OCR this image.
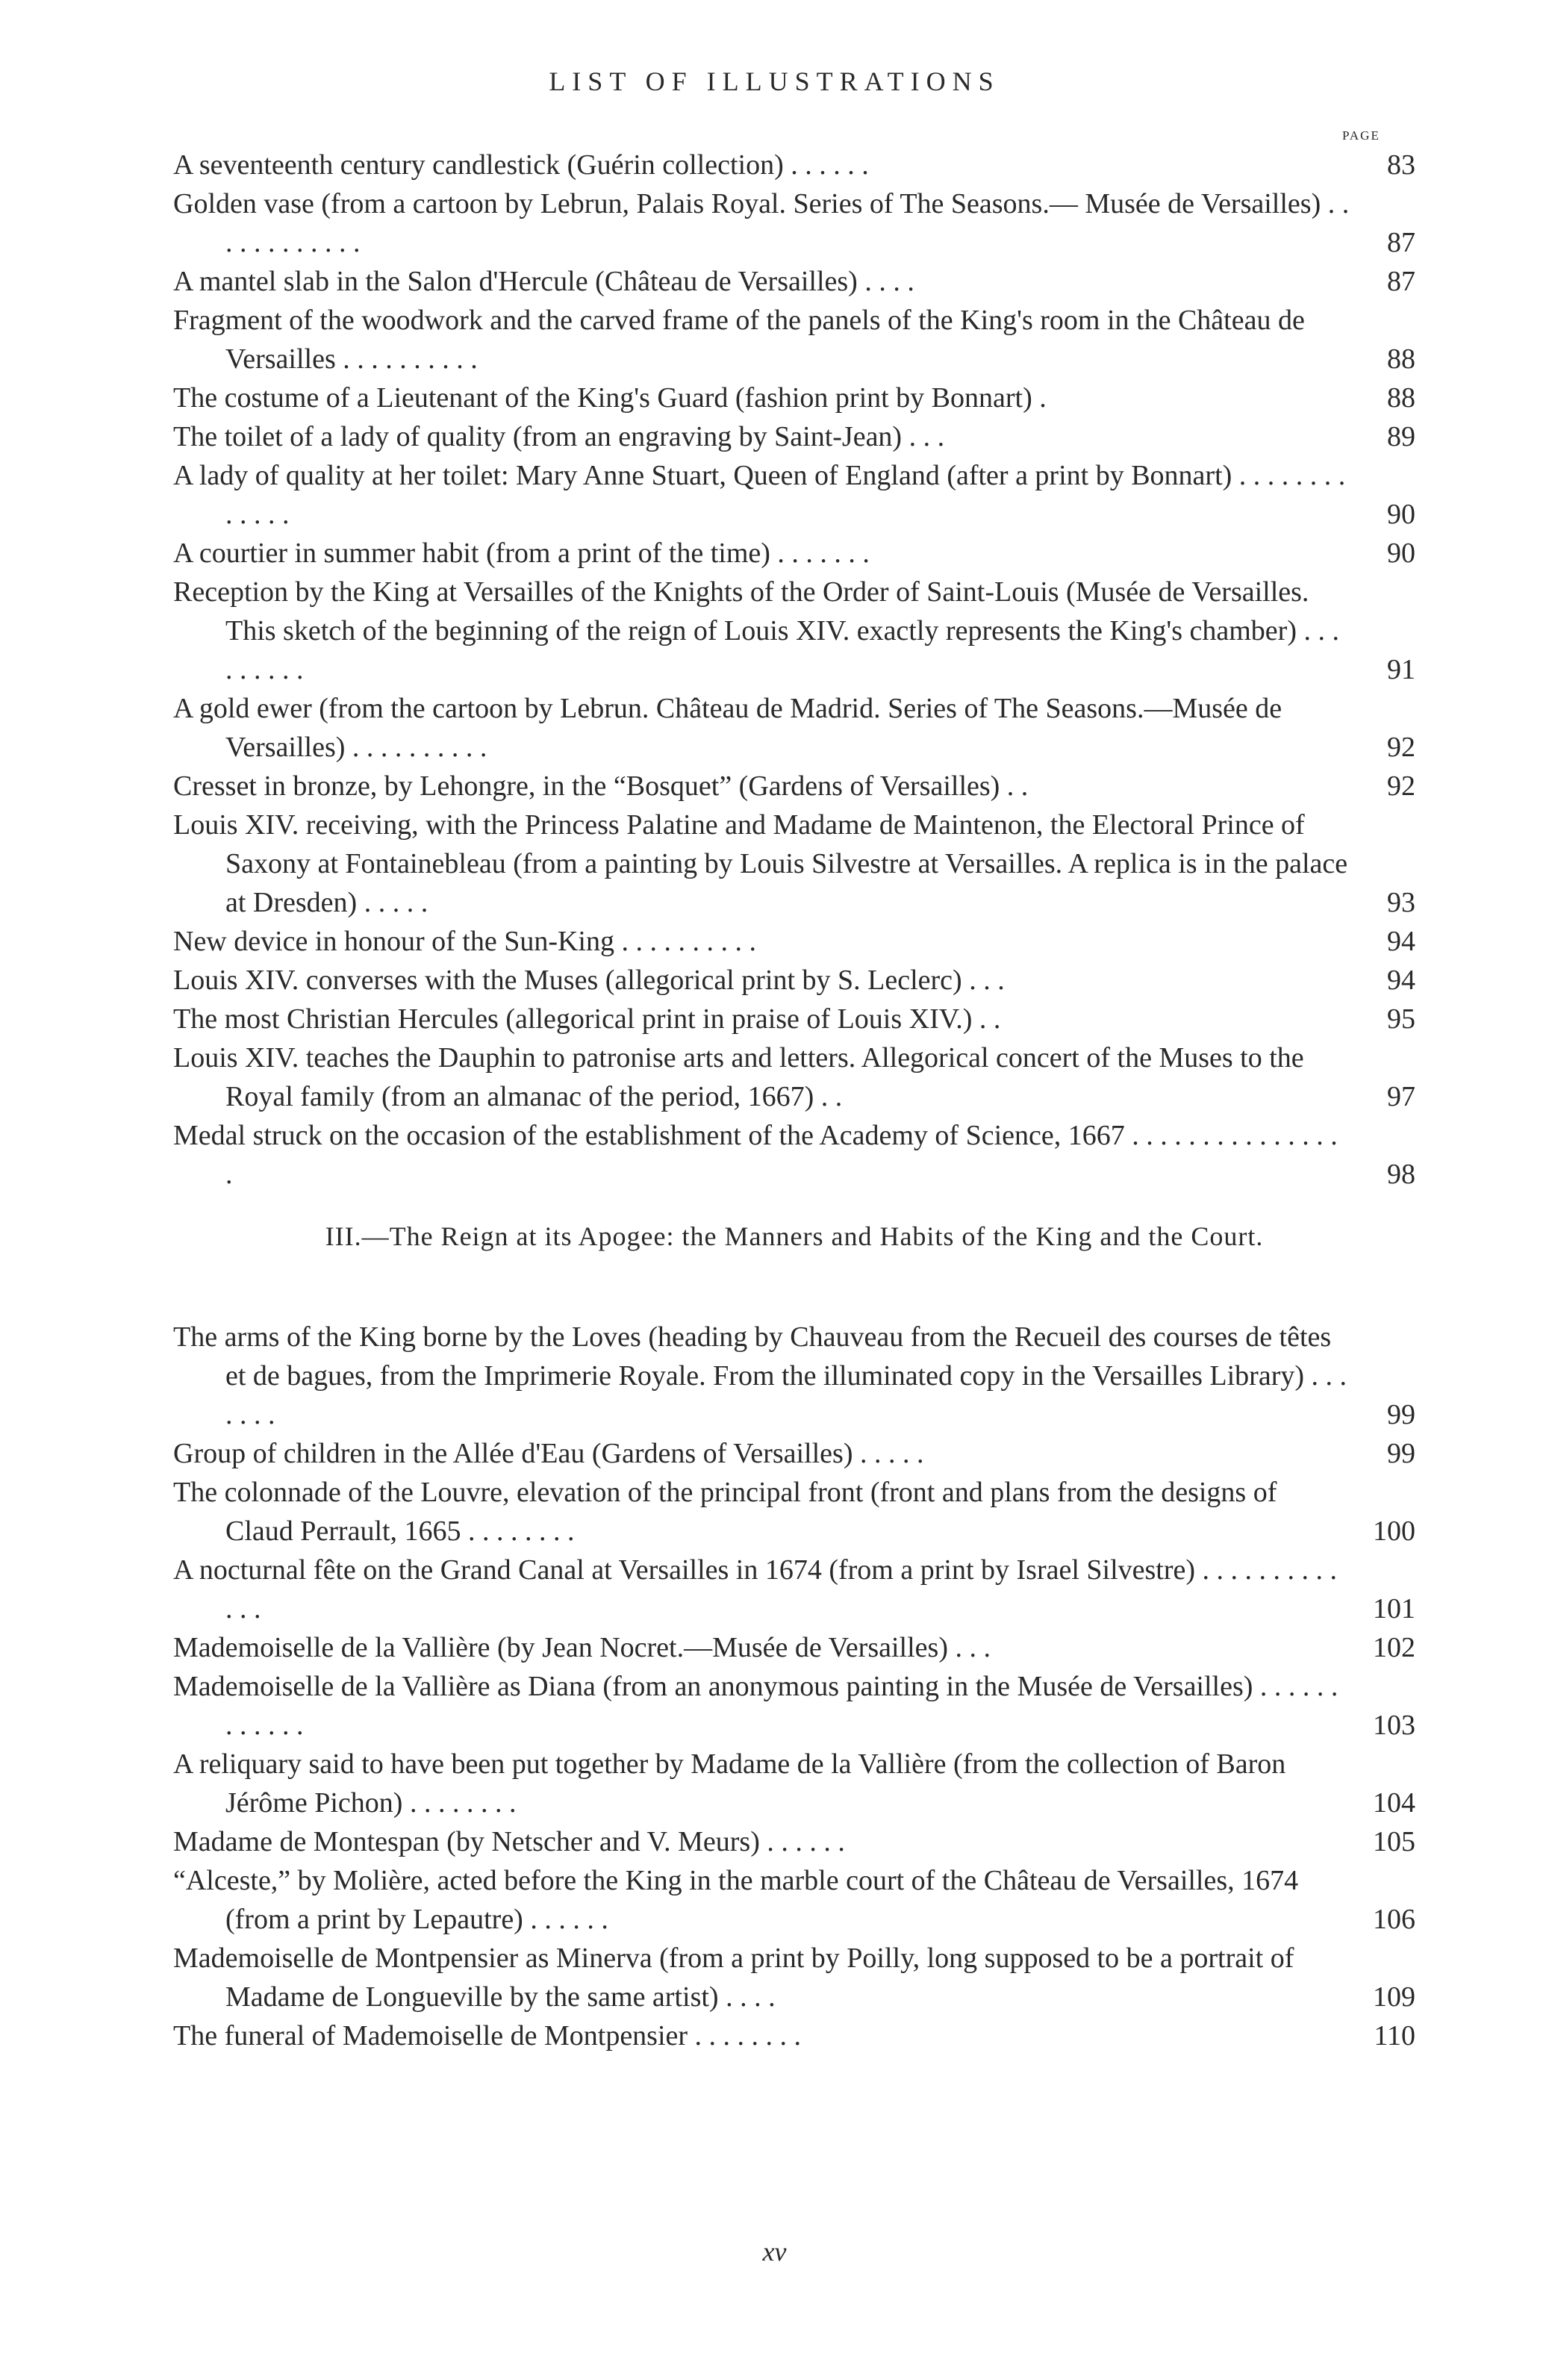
LIST OF ILLUSTRATIONS
PAGE
A seventeenth century candlestick (Guérin collection) . . . . . .	83
Golden vase (from a cartoon by Lebrun, Palais Royal. Series of The Seasons.— Musée de Versailles) . . . . . . . . . . . .	87
A mantel slab in the Salon d'Hercule (Château de Versailles) . . . .	87
Fragment of the woodwork and the carved frame of the panels of the King's room in the Château de Versailles . . . . . . . . . .	88
The costume of a Lieutenant of the King's Guard (fashion print by Bonnart) .	88
The toilet of a lady of quality (from an engraving by Saint-Jean) . . .	89
A lady of quality at her toilet: Mary Anne Stuart, Queen of England (after a print by Bonnart) . . . . . . . . . . . . .	90
A courtier in summer habit (from a print of the time) . . . . . . .	90
Reception by the King at Versailles of the Knights of the Order of Saint-Louis (Musée de Versailles. This sketch of the beginning of the reign of Louis XIV. exactly represents the King's chamber) . . . . . . . . .	91
A gold ewer (from the cartoon by Lebrun. Château de Madrid. Series of The Seasons.—Musée de Versailles) . . . . . . . . . .	92
Cresset in bronze, by Lehongre, in the “Bosquet” (Gardens of Versailles) . .	92
Louis XIV. receiving, with the Princess Palatine and Madame de Maintenon, the Electoral Prince of Saxony at Fontainebleau (from a painting by Louis Silvestre at Versailles. A replica is in the palace at Dresden) . . . . .	93
New device in honour of the Sun-King . . . . . . . . . .	94
Louis XIV. converses with the Muses (allegorical print by S. Leclerc) . . .	94
The most Christian Hercules (allegorical print in praise of Louis XIV.) . .	95
Louis XIV. teaches the Dauphin to patronise arts and letters. Allegorical concert of the Muses to the Royal family (from an almanac of the period, 1667) . .	97
Medal struck on the occasion of the establishment of the Academy of Science, 1667 . . . . . . . . . . . . . . . .	98
III.—The Reign at its Apogee: the Manners and Habits of the King and the Court.
The arms of the King borne by the Loves (heading by Chauveau from the Recueil des courses de têtes et de bagues, from the Imprimerie Royale. From the illuminated copy in the Versailles Library) . . . . . . .	99
Group of children in the Allée d'Eau (Gardens of Versailles) . . . . .	99
The colonnade of the Louvre, elevation of the principal front (front and plans from the designs of Claud Perrault, 1665 . . . . . . . .	100
A nocturnal fête on the Grand Canal at Versailles in 1674 (from a print by Israel Silvestre) . . . . . . . . . . . . .	101
Mademoiselle de la Vallière (by Jean Nocret.—Musée de Versailles) . . .	102
Mademoiselle de la Vallière as Diana (from an anonymous painting in the Musée de Versailles) . . . . . . . . . . . .	103
A reliquary said to have been put together by Madame de la Vallière (from the collection of Baron Jérôme Pichon) . . . . . . . .	104
Madame de Montespan (by Netscher and V. Meurs) . . . . . .	105
“Alceste,” by Molière, acted before the King in the marble court of the Château de Versailles, 1674 (from a print by Lepautre) . . . . . .	106
Mademoiselle de Montpensier as Minerva (from a print by Poilly, long supposed to be a portrait of Madame de Longueville by the same artist) . . . .	109
The funeral of Mademoiselle de Montpensier . . . . . . . .	110
xv
